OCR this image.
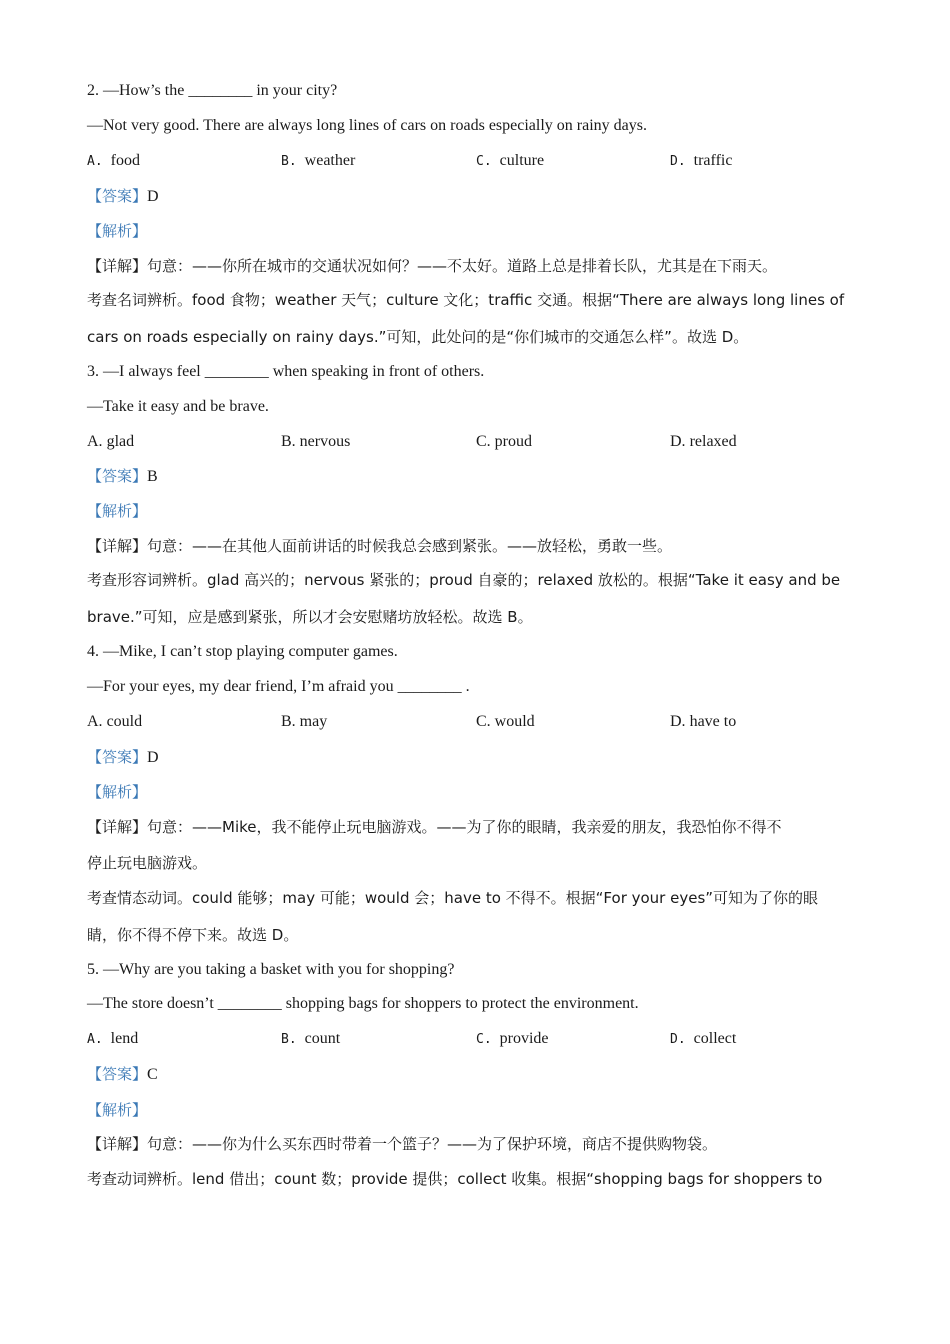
2. —How’s the ________ in your city?
—Not very good. There are always long lines of cars on roads especially on rainy days.
A. food	B. weather	C. culture	D. traffic
【答案】D
【解析】
【详解】句意：——你所在城市的交通状况如何？——不太好。道路上总是排着长队，尤其是在下雨天。
考查名词辨析。food 食物；weather 天气；culture 文化；traffic 交通。根据“There are always long lines of
cars on roads especially on rainy days.”可知，此处问的是“你们城市的交通怎么样”。故选 D。
3. —I always feel ________ when speaking in front of others.
—Take it easy and be brave.
A. glad	B. nervous	C. proud	D. relaxed
【答案】B
【解析】
【详解】句意：——在其他人面前讲话的时候我总会感到紧张。——放轻松，勇敢一些。
考查形容词辨析。glad 高兴的；nervous 紧张的；proud 自豪的；relaxed 放松的。根据“Take it easy and be
brave.”可知，应是感到紧张，所以才会安慰赌坊放轻松。故选 B。
4. —Mike, I can’t stop playing computer games.
—For your eyes, my dear friend, I’m afraid you ________ .
A. could	B. may	C. would	D. have to
【答案】D
【解析】
【详解】句意：——Mike，我不能停止玩电脑游戏。——为了你的眼睛，我亲爱的朋友，我恐怕你不得不
停止玩电脑游戏。
考查情态动词。could 能够；may 可能；would 会；have to 不得不。根据“For your eyes”可知为了你的眼
睛，你不得不停下来。故选 D。
5. —Why are you taking a basket with you for shopping?
—The store doesn’t ________ shopping bags for shoppers to protect the environment.
A. lend	B. count	C. provide	D. collect
【答案】C
【解析】
【详解】句意：——你为什么买东西时带着一个篮子？——为了保护环境，商店不提供购物袋。
考查动词辨析。lend 借出；count 数；provide 提供；collect 收集。根据“shopping bags for shoppers to
